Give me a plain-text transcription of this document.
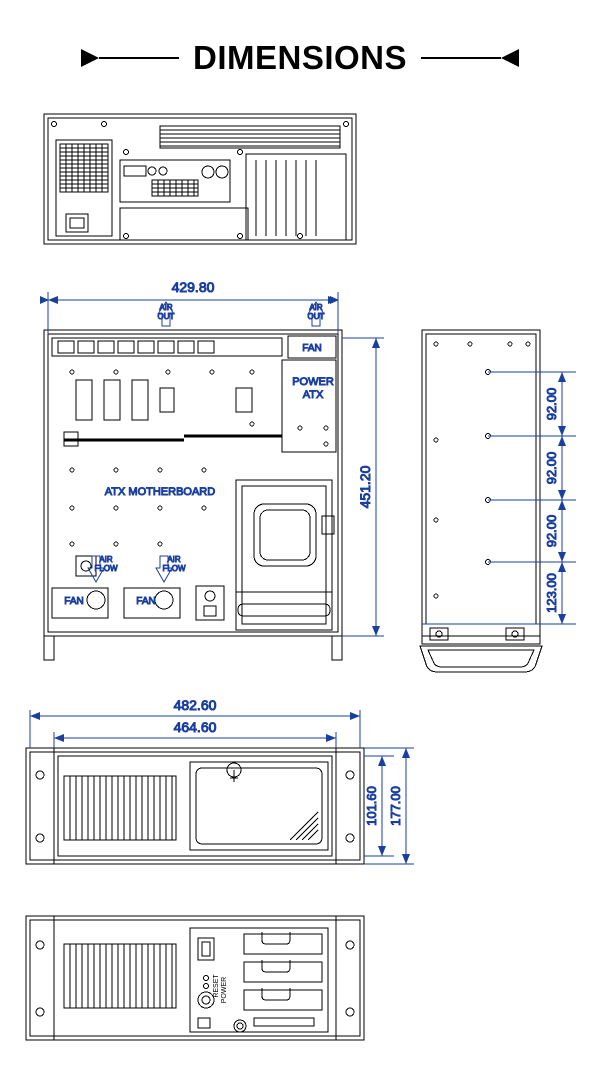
DIMENSIONS
429.80
451.20
AIR OUT
AIR OUT
FAN
POWER ATX
ATX MOTHERBOARD
AIR FLOW
AIR FLOW
FAN	FAN
92.00
92.00
92.00
123.00
482.60
464.60
101.60 177.00
RESET POWER
